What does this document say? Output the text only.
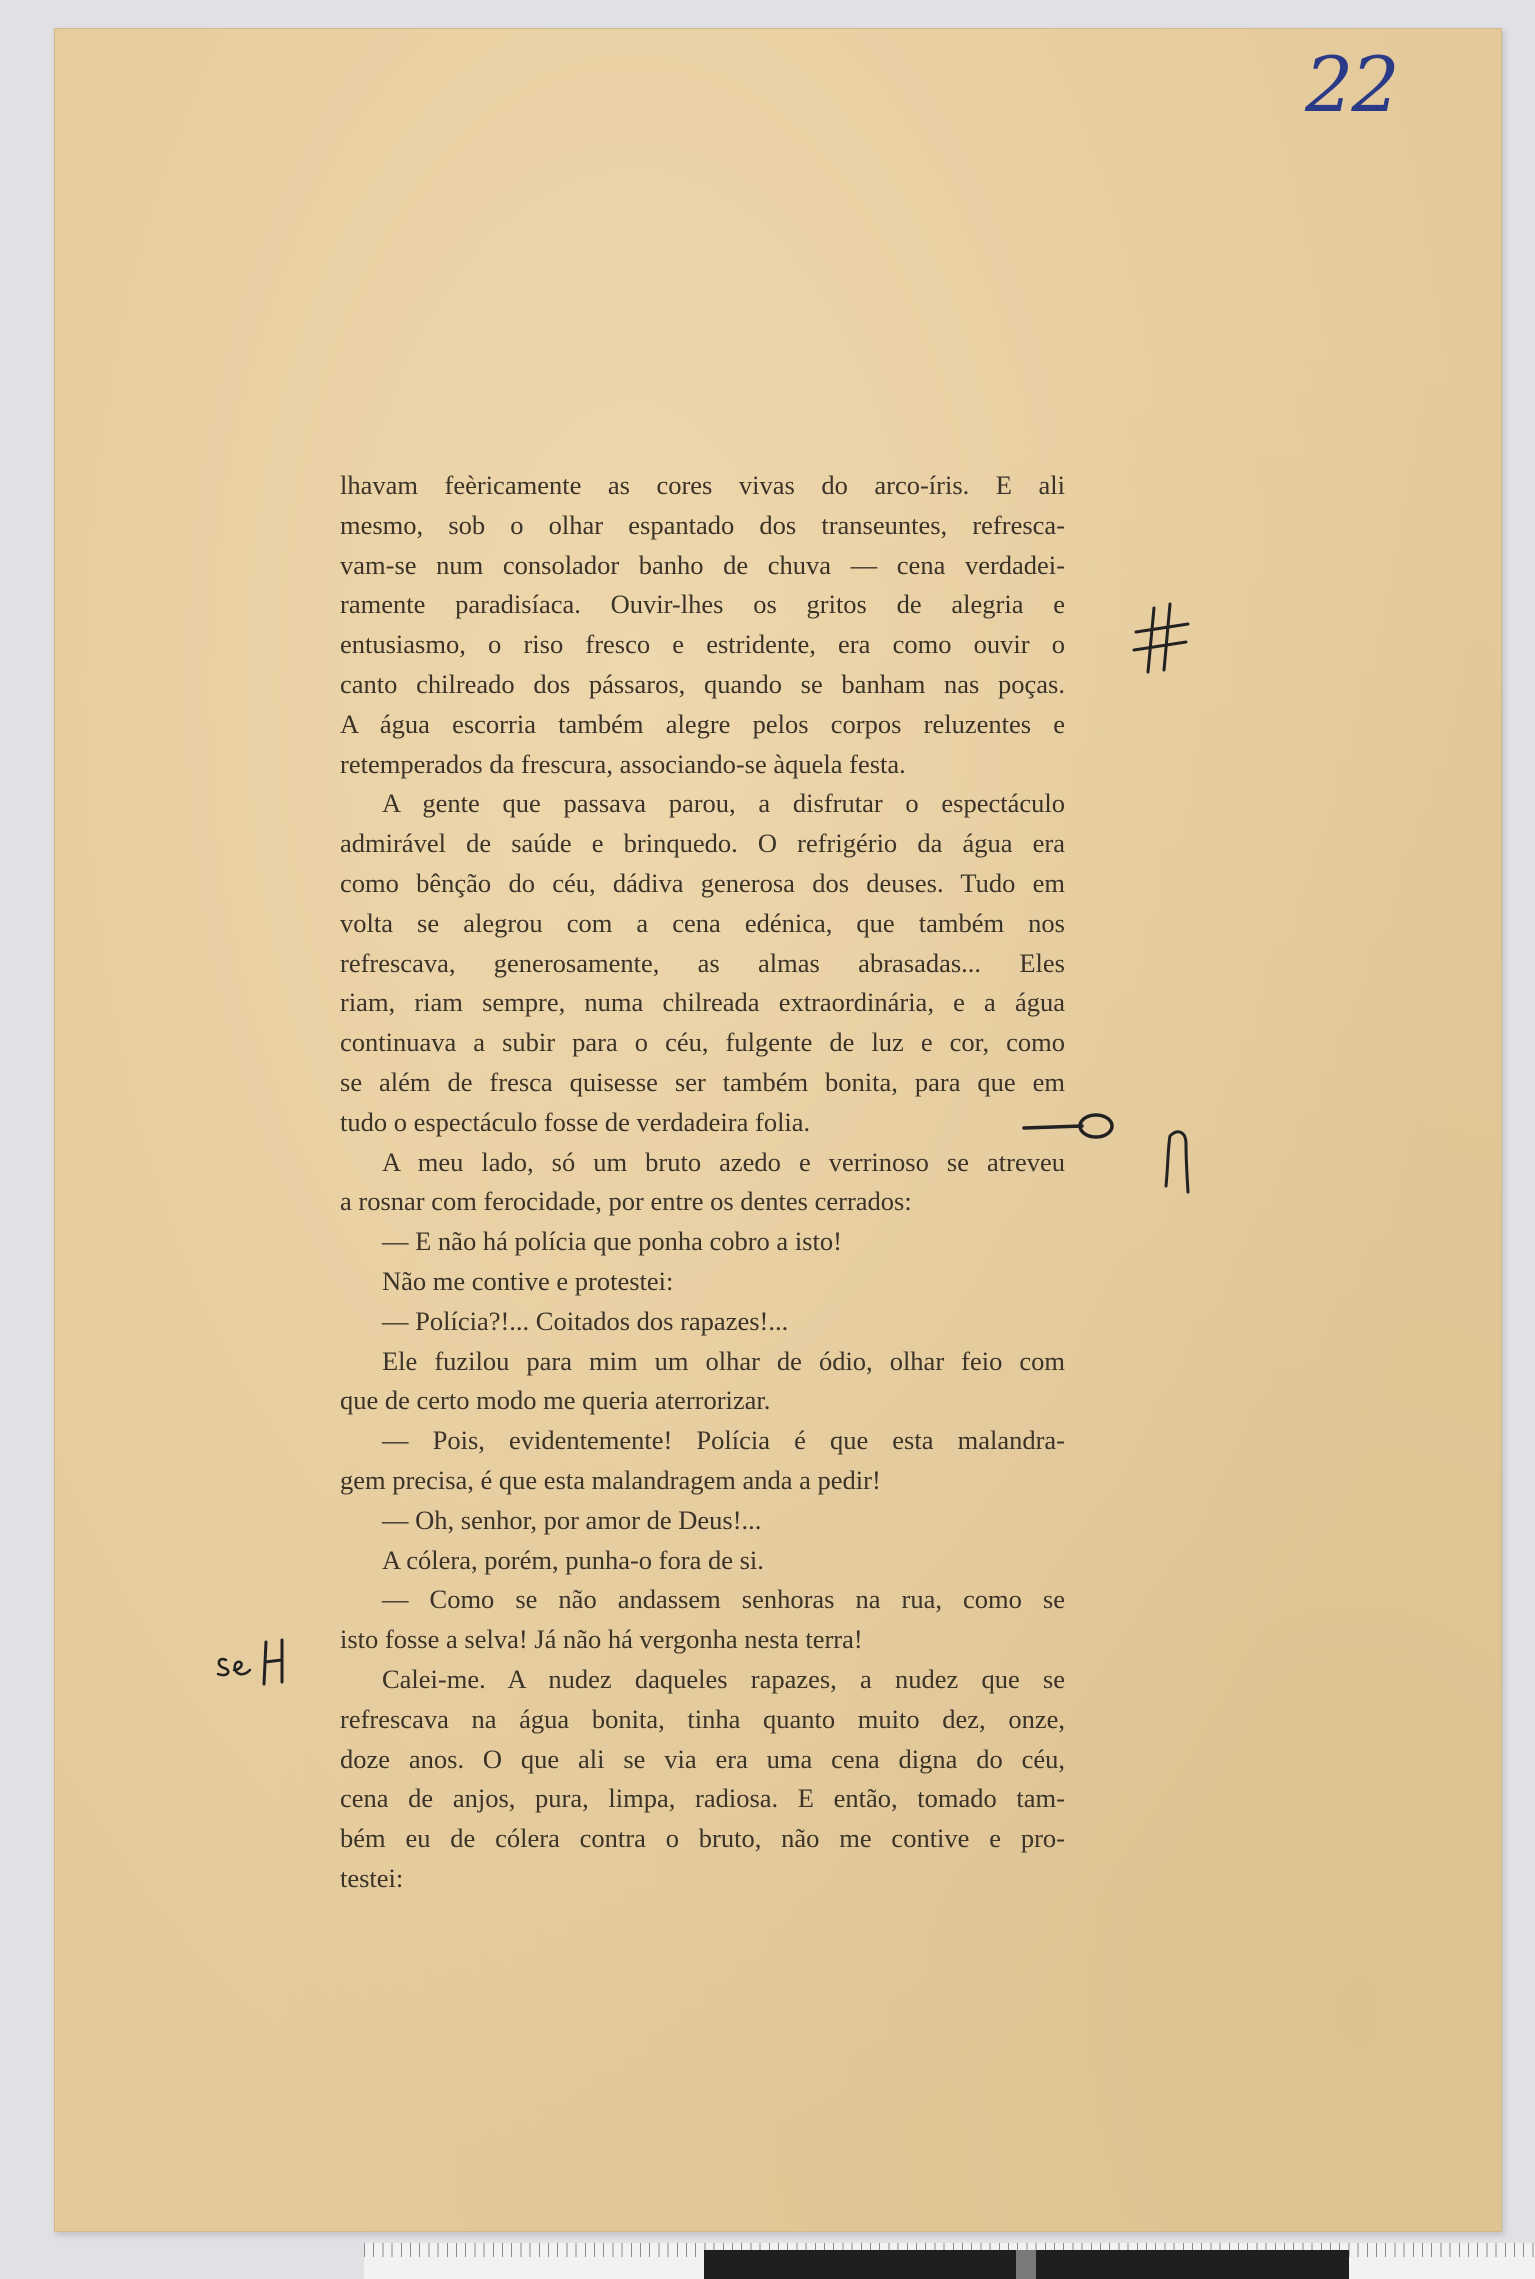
22
lhavam feèricamente as cores vivas do arco-íris. E ali
mesmo, sob o olhar espantado dos transeuntes, refresca-
vam-se num consolador banho de chuva — cena verdadei-
ramente paradisíaca. Ouvir-lhes os gritos de alegria e
entusiasmo, o riso fresco e estridente, era como ouvir o
canto chilreado dos pássaros, quando se banham nas poças.
A água escorria também alegre pelos corpos reluzentes e
retemperados da frescura, associando-se àquela festa.
A gente que passava parou, a disfrutar o espectáculo
admirável de saúde e brinquedo. O refrigério da água era
como bênção do céu, dádiva generosa dos deuses. Tudo em
volta se alegrou com a cena edénica, que também nos
refrescava, generosamente, as almas abrasadas... Eles
riam, riam sempre, numa chilreada extraordinária, e a água
continuava a subir para o céu, fulgente de luz e cor, como
se além de fresca quisesse ser também bonita, para que em
tudo o espectáculo fosse de verdadeira folia.
A meu lado, só um bruto azedo e verrinoso se atreveu
a rosnar com ferocidade, por entre os dentes cerrados:
— E não há polícia que ponha cobro a isto!
Não me contive e protestei:
— Polícia?!... Coitados dos rapazes!...
Ele fuzilou para mim um olhar de ódio, olhar feio com
que de certo modo me queria aterrorizar.
— Pois, evidentemente! Polícia é que esta malandra-
gem precisa, é que esta malandragem anda a pedir!
— Oh, senhor, por amor de Deus!...
A cólera, porém, punha-o fora de si.
— Como se não andassem senhoras na rua, como se
isto fosse a selva! Já não há vergonha nesta terra!
Calei-me. A nudez daqueles rapazes, a nudez que se
refrescava na água bonita, tinha quanto muito dez, onze,
doze anos. O que ali se via era uma cena digna do céu,
cena de anjos, pura, limpa, radiosa. E então, tomado tam-
bém eu de cólera contra o bruto, não me contive e pro-
testei:
